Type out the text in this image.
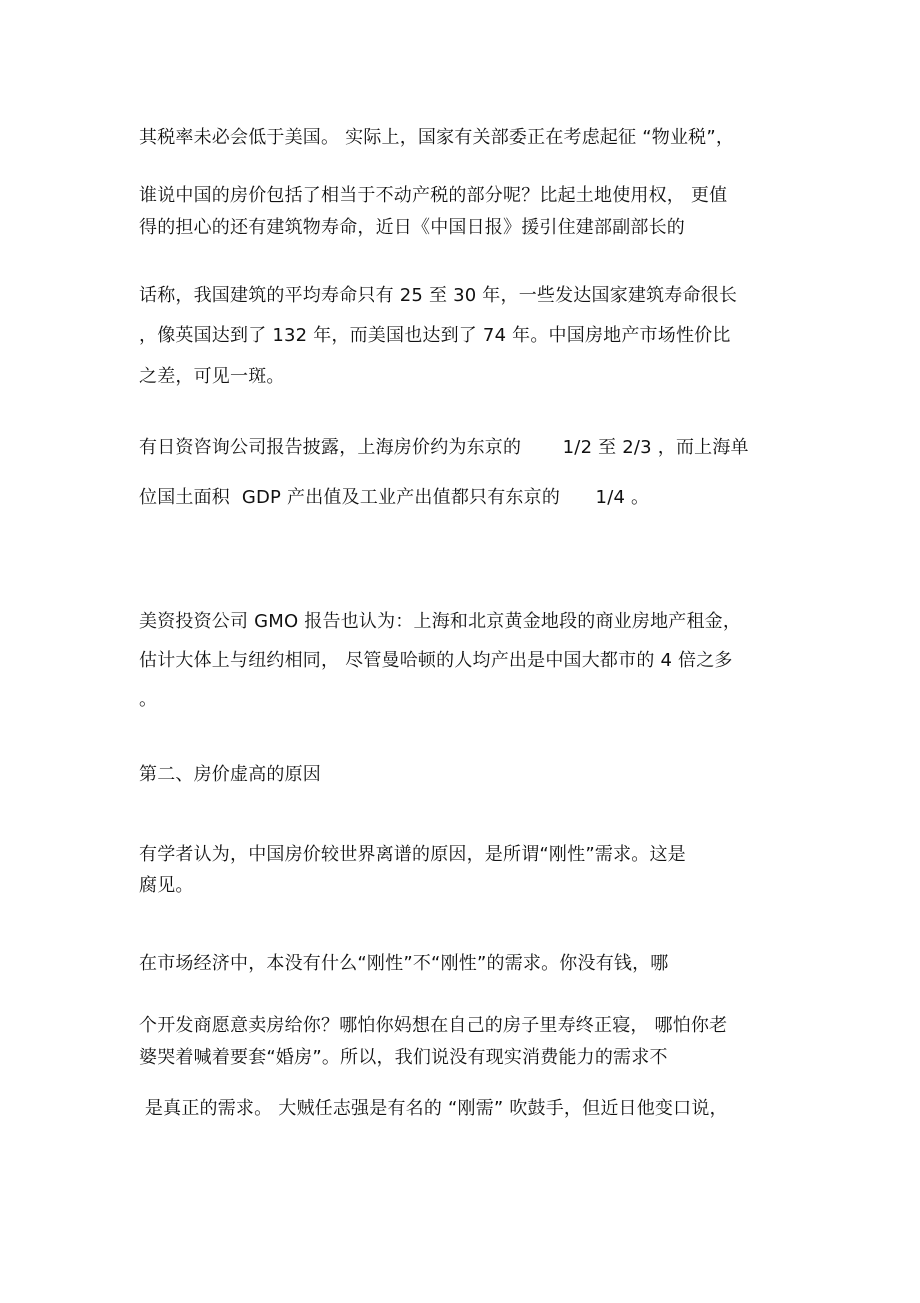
其税率未必会低于美国。 实际上，国家有关部委正在考虑起征 “物业税”，
谁说中国的房价包括了相当于不动产税的部分呢？比起土地使用权， 更值
得的担心的还有建筑物寿命，近日《中国日报》援引住建部副部长的
话称，我国建筑的平均寿命只有 25 至 30 年，一些发达国家建筑寿命很长
，像英国达到了 132 年，而美国也达到了 74 年。中国房地产市场性价比
之差，可见一斑。
有日资咨询公司报告披露，上海房价约为东京的       1/2 至 2/3 ，而上海单
位国土面积  GDP 产出值及工业产出值都只有东京的      1/4 。
美资投资公司 GMO 报告也认为：上海和北京黄金地段的商业房地产租金，
估计大体上与纽约相同， 尽管曼哈顿的人均产出是中国大都市的 4 倍之多
。
第二、房价虚高的原因
有学者认为，中国房价较世界离谱的原因，是所谓“刚性”需求。这是
腐见。
在市场经济中，本没有什么“刚性”不“刚性”的需求。你没有钱，哪
个开发商愿意卖房给你？哪怕你妈想在自己的房子里寿终正寝， 哪怕你老
婆哭着喊着要套“婚房”。所以，我们说没有现实消费能力的需求不
是真正的需求。 大贼任志强是有名的 “刚需” 吹鼓手，但近日他变口说，
